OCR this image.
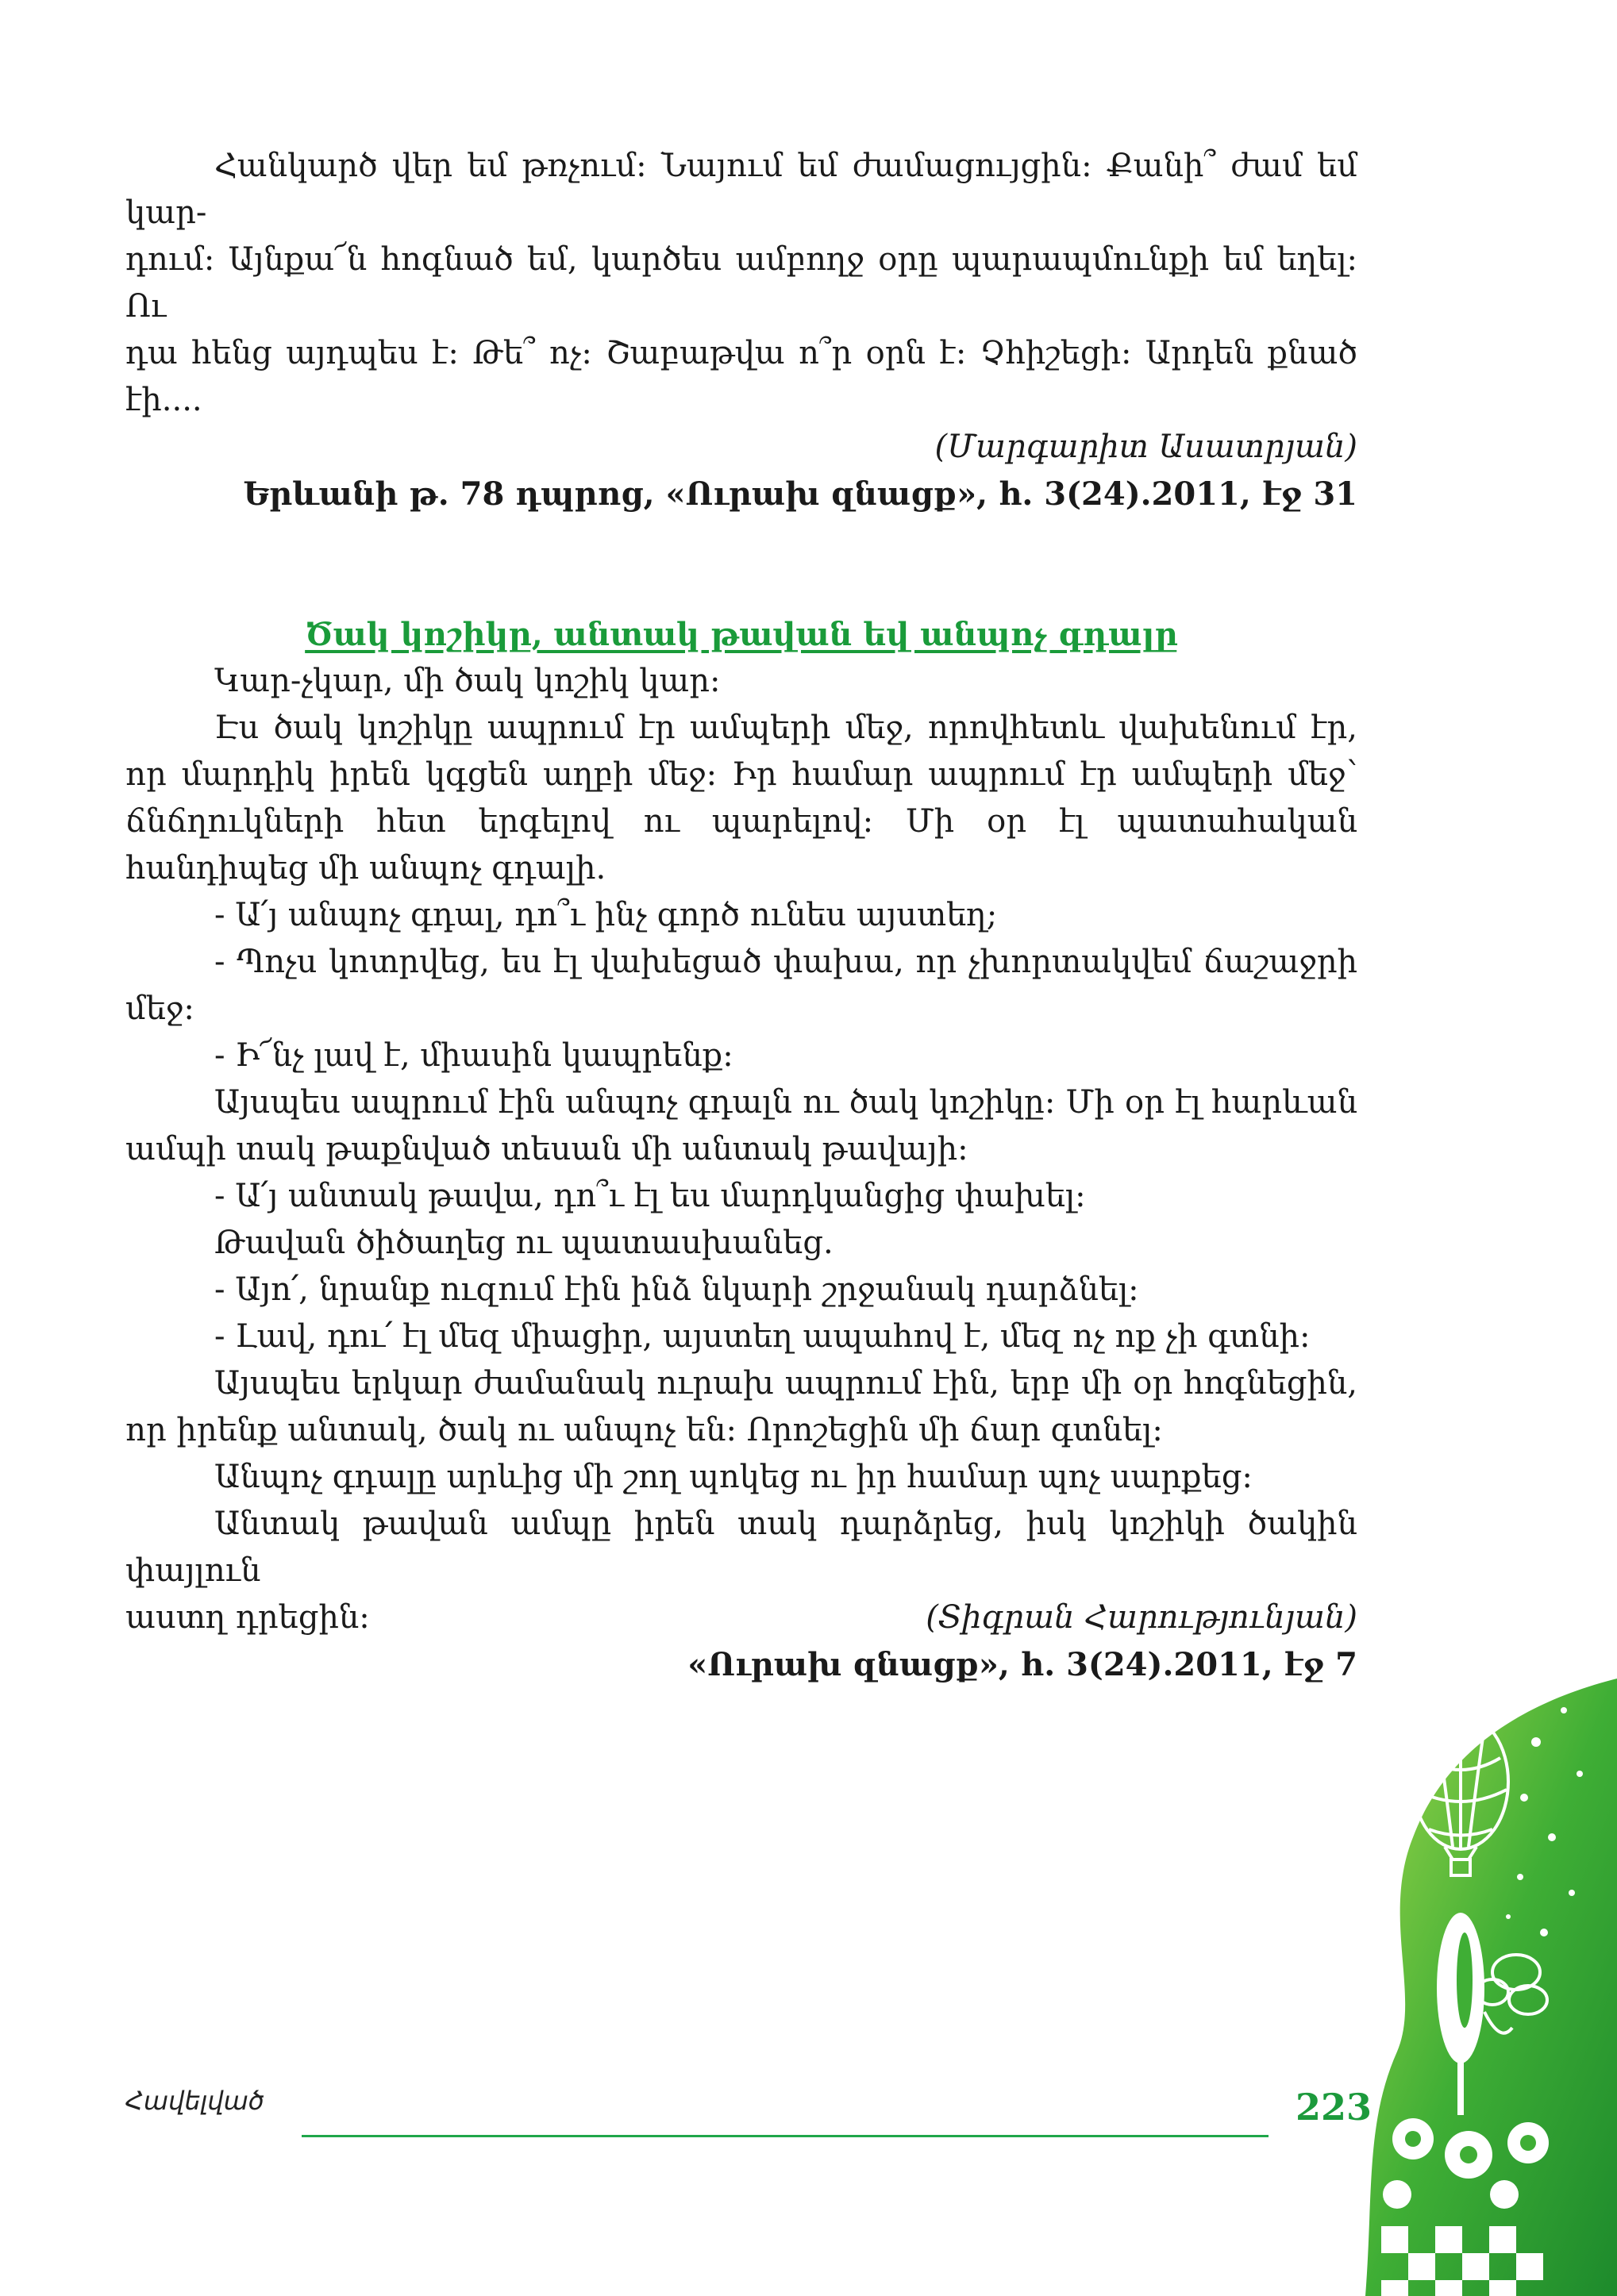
Հանկարծ վեր եմ թռչում: Նայում եմ ժամացույցին: Քանի՞ ժամ եմ կար-

դում: Այնքա՜ն հոգնած եմ, կարծես ամբողջ օրը պարապմունքի եմ եղել: Ու

դա հենց այդպես է: Թե՞ ոչ: Շաբաթվա ո՞ր օրն է: Չհիշեցի: Արդեն քնած էի....

(Մարգարիտ Ասատրյան)

Երևանի թ. 78 դպրոց, «Ուրախ զնացք», հ. 3(24).2011, էջ 31

Ծակ կոշիկը, անտակ թավան եվ անպոչ գդալը

Կար-չկար, մի ծակ կոշիկ կար:

Էս ծակ կոշիկը ապրում էր ամպերի մեջ, որովհետև վախենում էր, որ մարդիկ իրեն կգցեն աղբի մեջ: Իր համար ապրում էր ամպերի մեջ՝ ճնճղուկների հետ երգելով ու պարելով: Մի օր էլ պատահական հանդիպեց մի անպոչ գդալի.

- Ա՛յ անպոչ գդալ, դո՞ւ ինչ գործ ունես այստեղ;

- Պոչս կոտրվեց, ես էլ վախեցած փախա, որ չխորտակվեմ ճաշաջրի մեջ:

- Ի՜նչ լավ է, միասին կապրենք:

Այսպես ապրում էին անպոչ գդալն ու ծակ կոշիկը: Մի օր էլ հարևան ամպի տակ թաքնված տեսան մի անտակ թավայի:

- Ա՛յ անտակ թավա, դո՞ւ էլ ես մարդկանցից փախել:

Թավան ծիծաղեց ու պատասխանեց.

- Այո՛, նրանք ուզում էին ինձ նկարի շրջանակ դարձնել:

- Լավ, դու՛ էլ մեզ միացիր, այստեղ ապահով է, մեզ ոչ ոք չի գտնի:

Այսպես երկար ժամանակ ուրախ ապրում էին, երբ մի օր հոգնեցին, որ իրենք անտակ, ծակ ու անպոչ են: Որոշեցին մի ճար գտնել:

Անպոչ գդալը արևից մի շող պոկեց ու իր համար պոչ սարքեց:

Անտակ թավան ամպը իրեն տակ դարձրեց, իսկ կոշիկի ծակին փայլուն

աստղ դրեցին:	(Տիգրան Հարությունյան)

«Ուրախ զնացք», հ. 3(24).2011, էջ 7

Հավելված	223
